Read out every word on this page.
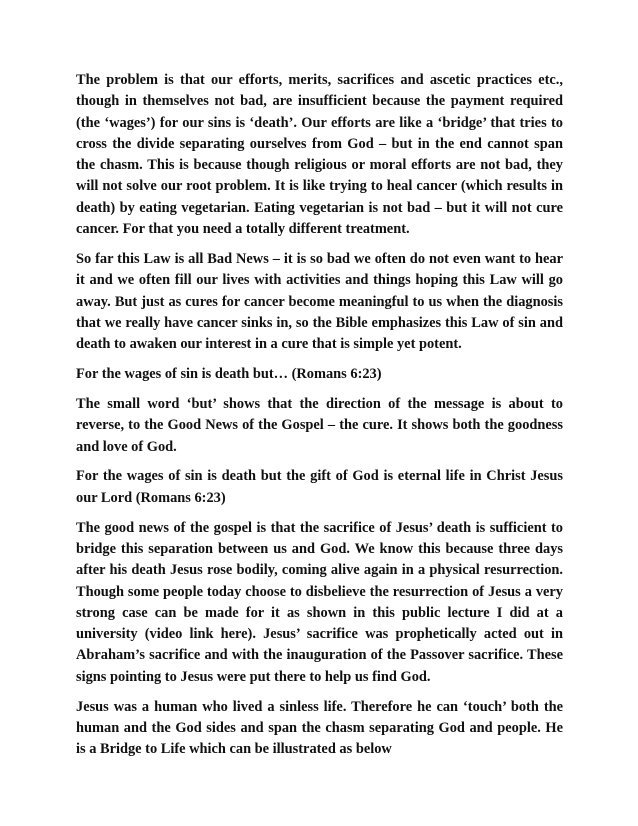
The problem is that our efforts, merits, sacrifices and ascetic practices etc., though in themselves not bad, are insufficient because the payment required (the ‘wages’) for our sins is ‘death’. Our efforts are like a ‘bridge’ that tries to cross the divide separating ourselves from God – but in the end cannot span the chasm. This is because though religious or moral efforts are not bad, they will not solve our root problem. It is like trying to heal cancer (which results in death) by eating vegetarian. Eating vegetarian is not bad – but it will not cure cancer. For that you need a totally different treatment.

So far this Law is all Bad News – it is so bad we often do not even want to hear it and we often fill our lives with activities and things hoping this Law will go away. But just as cures for cancer become meaningful to us when the diagnosis that we really have cancer sinks in, so the Bible emphasizes this Law of sin and death to awaken our interest in a cure that is simple yet potent.

For the wages of sin is death but… (Romans 6:23)

The small word ‘but’ shows that the direction of the message is about to reverse, to the Good News of the Gospel – the cure. It shows both the goodness and love of God.

For the wages of sin is death but the gift of God is eternal life in Christ Jesus our Lord (Romans 6:23)

The good news of the gospel is that the sacrifice of Jesus’ death is sufficient to bridge this separation between us and God. We know this because three days after his death Jesus rose bodily, coming alive again in a physical resurrection. Though some people today choose to disbelieve the resurrection of Jesus a very strong case can be made for it as shown in this public lecture I did at a university (video link here). Jesus’ sacrifice was prophetically acted out in Abraham’s sacrifice and with the inauguration of the Passover sacrifice. These signs pointing to Jesus were put there to help us find God.

Jesus was a human who lived a sinless life. Therefore he can ‘touch’ both the human and the God sides and span the chasm separating God and people. He is a Bridge to Life which can be illustrated as below
